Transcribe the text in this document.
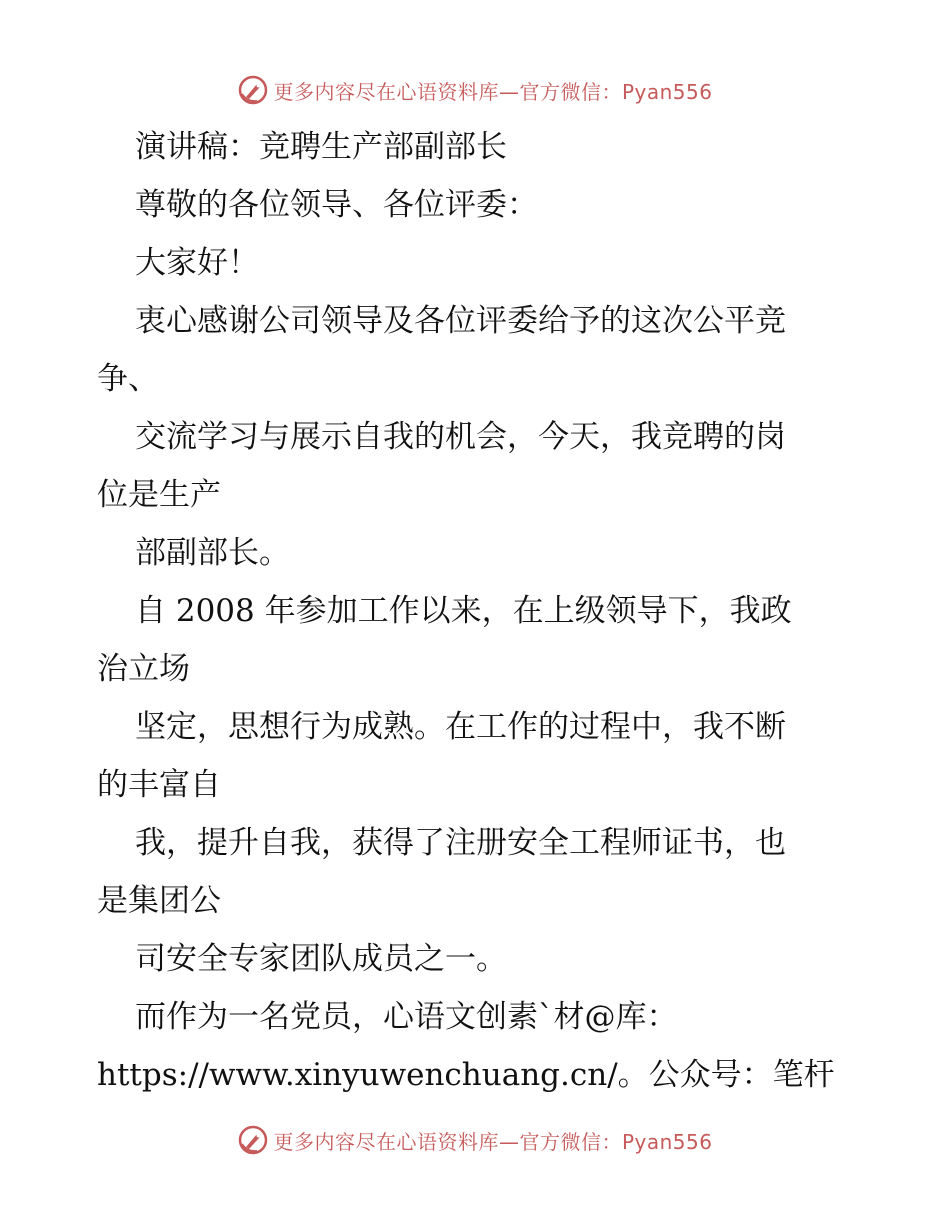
更多内容尽在心语资料库—官方微信：Pyan556
演讲稿：竞聘生产部副部长
尊敬的各位领导、各位评委：
大家好！
衷心感谢公司领导及各位评委给予的这次公平竞
争、
交流学习与展示自我的机会，今天，我竞聘的岗
位是生产
部副部长。
自 2008 年参加工作以来，在上级领导下，我政
治立场
坚定，思想行为成熟。在工作的过程中，我不断
的丰富自
我，提升自我，获得了注册安全工程师证书，也
是集团公
司安全专家团队成员之一。
而作为一名党员，心语文创素`材@库：
https://www.xinyuwenchuang.cn/。公众号：笔杆
更多内容尽在心语资料库—官方微信：Pyan556
